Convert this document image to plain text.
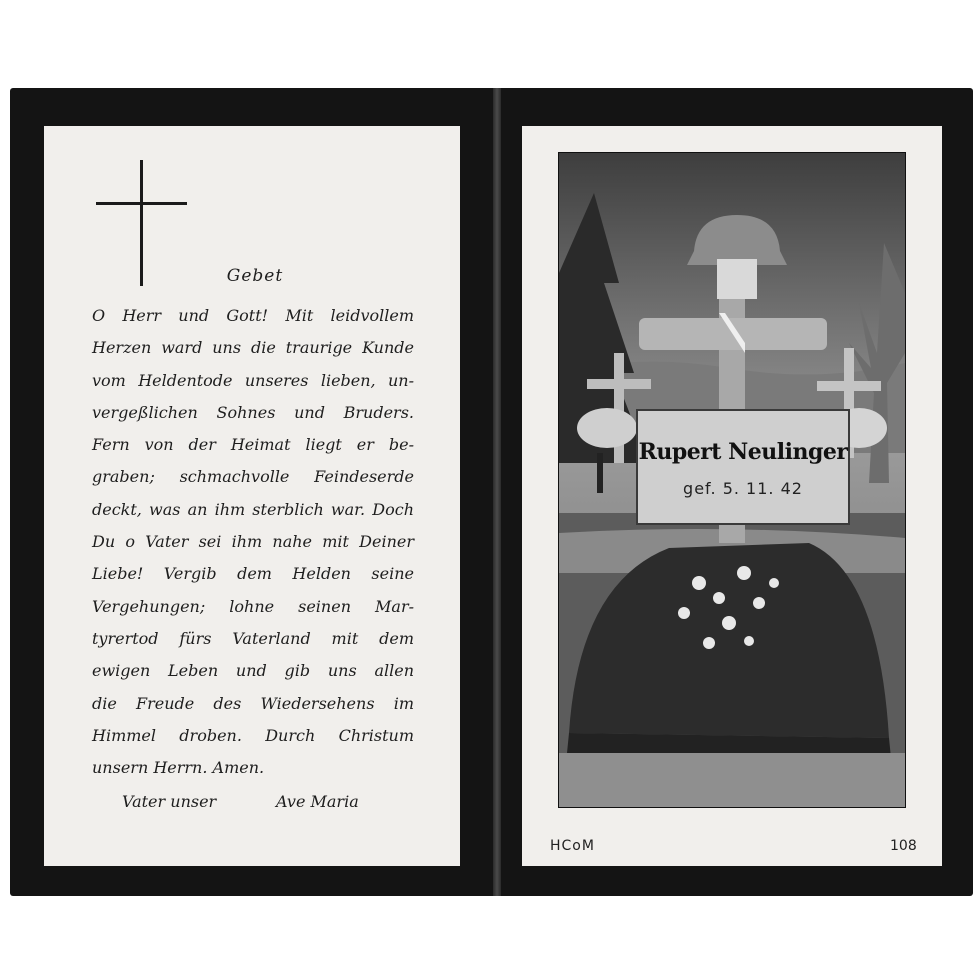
Gebet
O Herr und Gott! Mit leidvollem
Herzen ward uns die traurige Kunde
vom Heldentode unseres lieben, un-
vergeßlichen Sohnes und Bruders.
Fern von der Heimat liegt er be-
graben; schmachvolle Feindeserde
deckt, was an ihm sterblich war. Doch
Du o Vater sei ihm nahe mit Deiner
Liebe! Vergib dem Helden seine
Vergehungen; lohne seinen Mar-
tyrertod fürs Vaterland mit dem
ewigen Leben und gib uns allen
die Freude des Wiedersehens im
Himmel droben. Durch Christum
unsern Herrn. Amen.
Vater unser	Ave Maria
Rupert Neulinger
gef. 5. 11. 42
HCoM	108
